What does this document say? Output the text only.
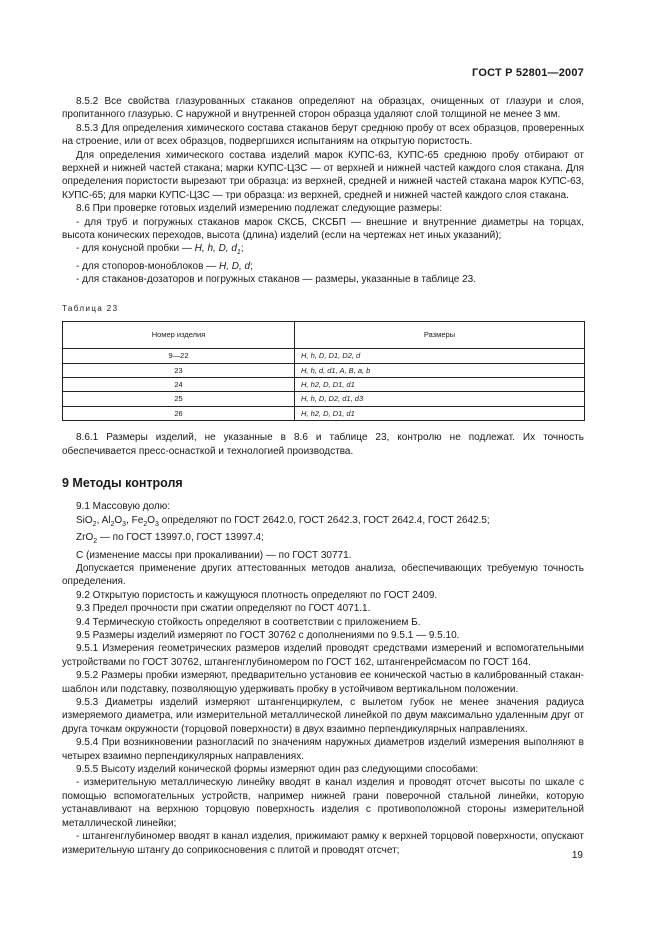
ГОСТ Р 52801—2007

8.5.2 Все свойства глазурованных стаканов определяют на образцах, очищенных от глазури и слоя, пропитанного глазурью. С наружной и внутренней сторон образца удаляют слой толщиной не менее 3 мм.

8.5.3 Для определения химического состава стаканов берут среднюю пробу от всех образцов, проверенных на строение, или от всех образцов, подвергшихся испытаниям на открытую пористость.

Для определения химического состава изделий марок КУПС-63, КУПС-65 среднюю пробу отбирают от верхней и нижней частей стакана; марки КУПС-ЦЗС — от верхней и нижней частей каждого слоя стакана. Для определения пористости вырезают три образца: из верхней, средней и нижней частей стакана марок КУПС-63, КУПС-65; для марки КУПС-ЦЗС — три образца: из верхней, средней и нижней частей каждого слоя стакана.

8.6 При проверке готовых изделий измерению подлежат следующие размеры:

- для труб и погружных стаканов марок СКСБ, СКСБП — внешние и внутренние диаметры на торцах, высота конических переходов, высота (длина) изделий (если на чертежах нет иных указаний);

- для конусной пробки — H, h, D, $d_1$;

- для стопоров-моноблоков — H, D, d;

- для стаканов-дозаторов и погружных стаканов — размеры, указанные в таблице 23.

Таблица 23
Номер изделия	Размеры
9—22	H, h, D, D1, D2, d
23	H, h, d, d1, A, B, a, b
24	H, h2, D, D1, d1
25	H, h, D, D2, d1, d3
26	H, h2, D, D1, d1

8.6.1 Размеры изделий, не указанные в 8.6 и таблице 23, контролю не подлежат. Их точность обеспечивается пресс-оснасткой и технологией производства.

9 Методы контроля

9.1 Массовую долю:

SiO$_2$, $Al_2O_3$, $Fe_2O_3$ определяют по ГОСТ 2642.0, ГОСТ 2642.3, ГОСТ 2642.4, ГОСТ 2642.5;

ZrO$_2$ — по ГОСТ 13997.0, ГОСТ 13997.4;

С (изменение массы при прокаливании) — по ГОСТ 30771.

Допускается применение других аттестованных методов анализа, обеспечивающих требуемую точность определения.

9.2 Открытую пористость и кажущуюся плотность определяют по ГОСТ 2409.

9.3 Предел прочности при сжатии определяют по ГОСТ 4071.1.

9.4 Термическую стойкость определяют в соответствии с приложением Б.

9.5 Размеры изделий измеряют по ГОСТ 30762 с дополнениями по 9.5.1 — 9.5.10.

9.5.1 Измерения геометрических размеров изделий проводят средствами измерений и вспомогательными устройствами по ГОСТ 30762, штангенглубиномером по ГОСТ 162, штангенрейсмасом по ГОСТ 164.

9.5.2 Размеры пробки измеряют, предварительно установив ее конической частью в калиброванный стакан-шаблон или подставку, позволяющую удерживать пробку в устойчивом вертикальном положении.

9.5.3 Диаметры изделий измеряют штангенциркулем, с вылетом губок не менее значения радиуса измеряемого диаметра, или измерительной металлической линейкой по двум максимально удаленным друг от друга точкам окружности (торцовой поверхности) в двух взаимно перпендикулярных направлениях.

9.5.4 При возникновении разногласий по значениям наружных диаметров изделий измерения выполняют в четырех взаимно перпендикулярных направлениях.

9.5.5 Высоту изделий конической формы измеряют один раз следующими способами:

- измерительную металлическую линейку вводят в канал изделия и проводят отсчет высоты по шкале с помощью вспомогательных устройств, например нижней грани поверочной стальной линейки, которую устанавливают на верхнюю торцовую поверхность изделия с противоположной стороны измерительной металлической линейки;

- штангенглубиномер вводят в канал изделия, прижимают рамку к верхней торцовой поверхности, опускают измерительную штангу до соприкосновения с плитой и проводят отсчет;	19
